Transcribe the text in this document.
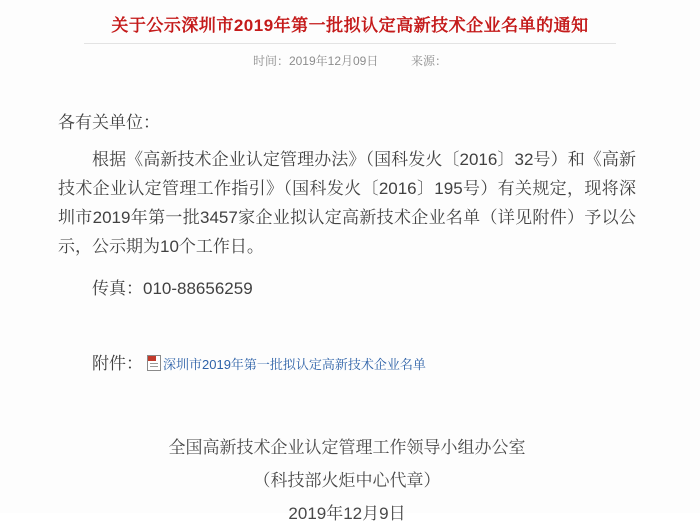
关于公示深圳市2019年第一批拟认定高新技术企业名单的通知
时间：2019年12月09日	来源：
各有关单位：
根据《高新技术企业认定管理办法》（国科发火〔2016〕32号）和《高新技术企业认定管理工作指引》（国科发火〔2016〕195号）有关规定，现将深圳市2019年第一批3457家企业拟认定高新技术企业名单（详见附件）予以公示，公示期为10个工作日。
传真：010-88656259
附件： 深圳市2019年第一批拟认定高新技术企业名单
全国高新技术企业认定管理工作领导小组办公室
（科技部火炬中心代章）
2019年12月9日
